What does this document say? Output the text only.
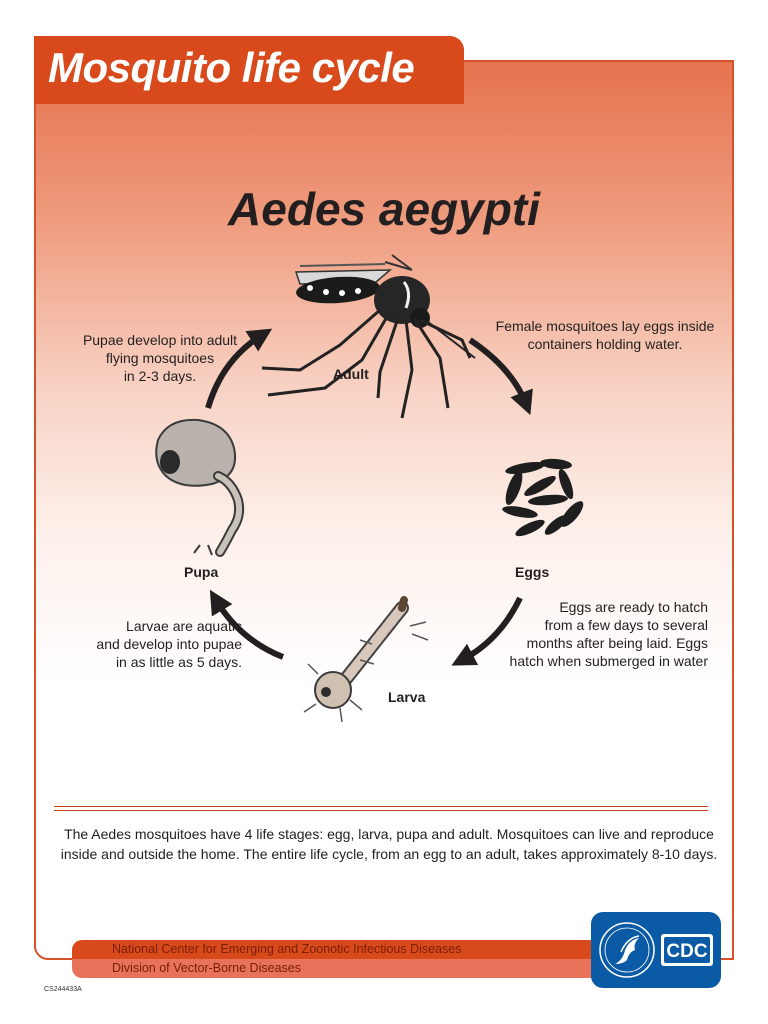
Mosquito life cycle
Aedes aegypti
Adult
Eggs
Larva
Pupa
Pupae develop into adult
flying mosquitoes
in 2-3 days.
Female mosquitoes lay eggs inside
containers holding water.
Eggs are ready to hatch
from a few days to several
months after being laid. Eggs
hatch when submerged in water
Larvae are aquatic
and develop into pupae
in as little as 5 days.
The Aedes mosquitoes have 4 life stages: egg, larva, pupa and adult. Mosquitoes can live and reproduce
inside and outside the home. The entire life cycle, from an egg to an adult, takes approximately 8-10 days.
National Center for Emerging and Zoonotic Infectious Diseases
Division of Vector-Borne Diseases
CDC
CS244433A
